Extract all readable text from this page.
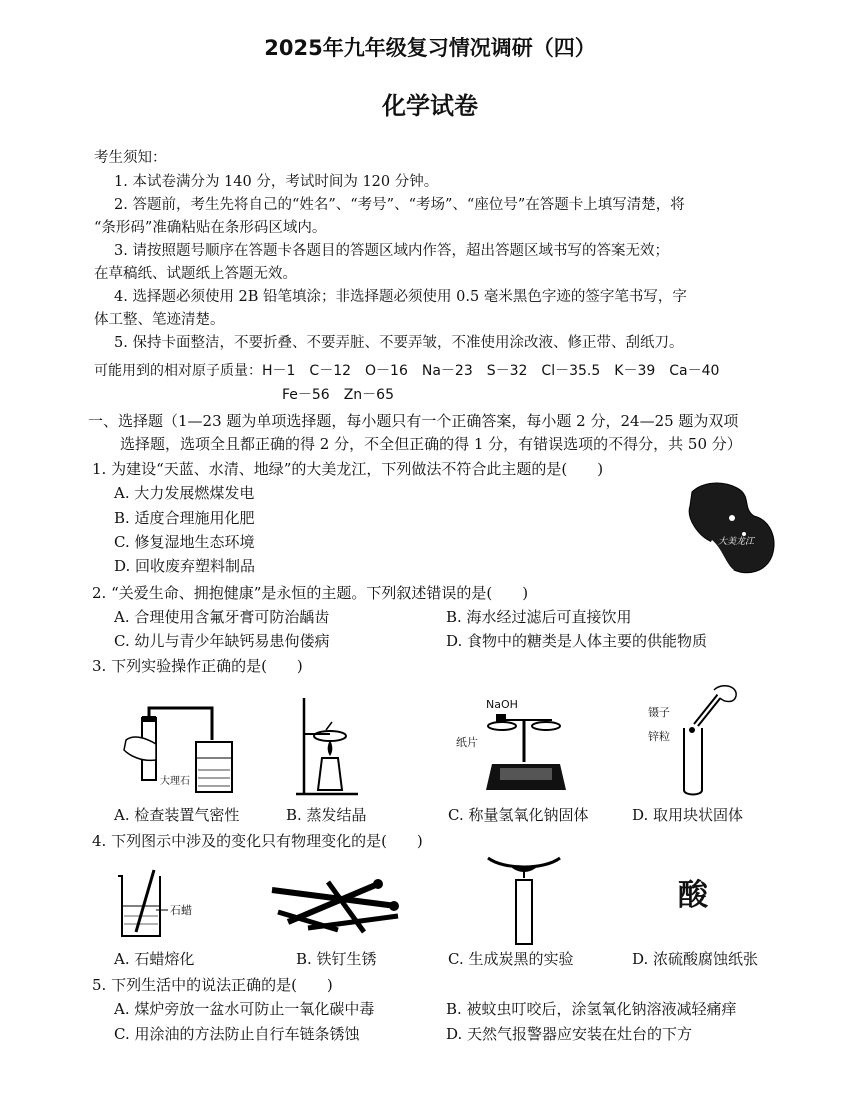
2025年九年级复习情况调研（四）
化学试卷
考生须知：
1. 本试卷满分为 140 分，考试时间为 120 分钟。
2. 答题前，考生先将自己的“姓名”、“考号”、“考场”、“座位号”在答题卡上填写清楚，将
“条形码”准确粘贴在条形码区域内。
3. 请按照题号顺序在答题卡各题目的答题区域内作答，超出答题区域书写的答案无效；
在草稿纸、试题纸上答题无效。
4. 选择题必须使用 2B 铅笔填涂；非选择题必须使用 0.5 毫米黑色字迹的签字笔书写，字
体工整、笔迹清楚。
5. 保持卡面整洁，不要折叠、不要弄脏、不要弄皱，不准使用涂改液、修正带、刮纸刀。
可能用到的相对原子质量：H－1　C－12　O－16　Na－23　S－32　Cl－35.5　K－39　Ca－40
Fe－56　Zn－65
一、选择题（1—23 题为单项选择题，每小题只有一个正确答案，每小题 2 分，24—25 题为双项
选择题，选项全且都正确的得 2 分，不全但正确的得 1 分，有错误选项的不得分，共 50 分）
1. 为建设“天蓝、水清、地绿”的大美龙江，下列做法不符合此主题的是(　　)
A. 大力发展燃煤发电
B. 适度合理施用化肥
C. 修复湿地生态环境
D. 回收废弃塑料制品
大美龙江
2. “关爱生命、拥抱健康”是永恒的主题。下列叙述错误的是(　　)
A. 合理使用含氟牙膏可防治龋齿	B. 海水经过滤后可直接饮用
C. 幼儿与青少年缺钙易患佝偻病	D. 食物中的糖类是人体主要的供能物质
3. 下列实验操作正确的是(　　)
大理石
NaOH
纸片
镊子
锌粒
A. 检查装置气密性	B. 蒸发结晶	C. 称量氢氧化钠固体	D. 取用块状固体
4. 下列图示中涉及的变化只有物理变化的是(　　)
石蜡	酸
A. 石蜡熔化	B. 铁钉生锈	C. 生成炭黑的实验	D. 浓硫酸腐蚀纸张
5. 下列生活中的说法正确的是(　　)
A. 煤炉旁放一盆水可防止一氧化碳中毒	B. 被蚊虫叮咬后，涂氢氧化钠溶液减轻痛痒
C. 用涂油的方法防止自行车链条锈蚀	D. 天然气报警器应安装在灶台的下方
